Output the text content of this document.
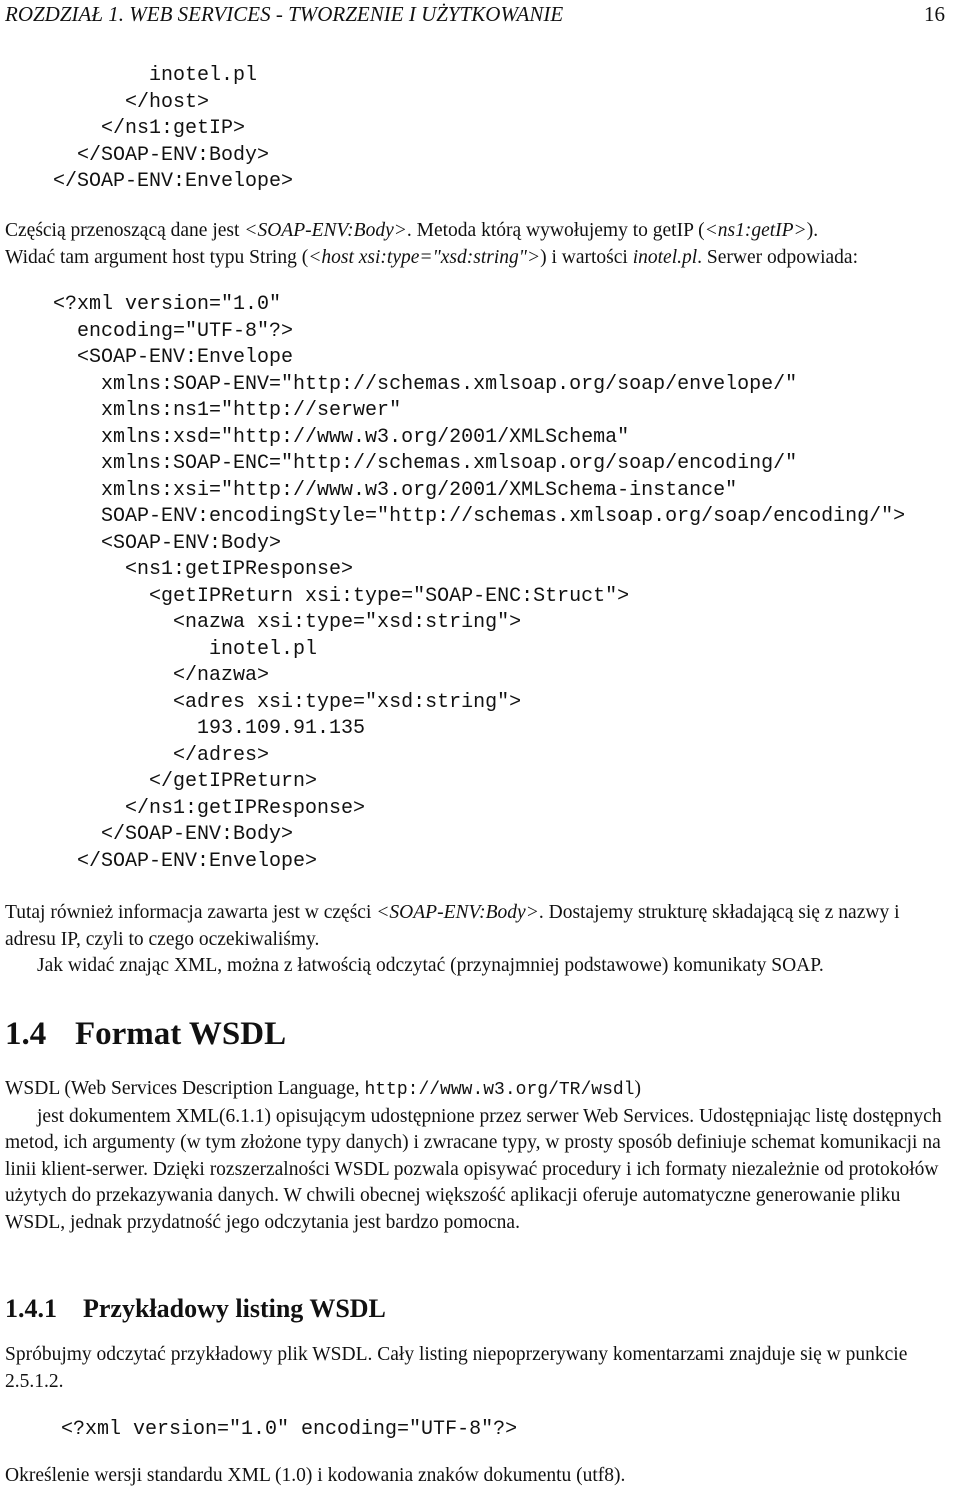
ROZDZIAŁ 1. WEB SERVICES - TWORZENIE I UŻYTKOWANIE	16
inotel.pl
</host>
</ns1:getIP>
</SOAP-ENV:Body>
</SOAP-ENV:Envelope>

Częścią przenoszącą dane jest <SOAP-ENV:Body>. Metoda którą wywołujemy to getIP (<ns1:getIP>).
Widać tam argument host typu String (<host xsi:type="xsd:string">) i wartości inotel.pl. Serwer odpowiada:

<?xml version="1.0"
encoding="UTF-8"?>
<SOAP-ENV:Envelope
xmlns:SOAP-ENV="http://schemas.xmlsoap.org/soap/envelope/"
xmlns:ns1="http://serwer"
xmlns:xsd="http://www.w3.org/2001/XMLSchema"
xmlns:SOAP-ENC="http://schemas.xmlsoap.org/soap/encoding/"
xmlns:xsi="http://www.w3.org/2001/XMLSchema-instance"
SOAP-ENV:encodingStyle="http://schemas.xmlsoap.org/soap/encoding/">
<SOAP-ENV:Body>
<ns1:getIPResponse>
<getIPReturn xsi:type="SOAP-ENC:Struct">
<nazwa xsi:type="xsd:string">
inotel.pl
</nazwa>
<adres xsi:type="xsd:string">
193.109.91.135
</adres>
</getIPReturn>
</ns1:getIPResponse>
</SOAP-ENV:Body>
</SOAP-ENV:Envelope>

Tutaj również informacja zawarta jest w części <SOAP-ENV:Body>. Dostajemy strukturę składającą się z nazwy i adresu IP, czyli to czego oczekiwaliśmy.

Jak widać znając XML, można z łatwością odczytać (przynajmniej podstawowe) komunikaty SOAP.

1.4 Format WSDL

WSDL (Web Services Description Language, http://www.w3.org/TR/wsdl)
jest dokumentem XML(6.1.1) opisującym udostępnione przez serwer Web Services. Udostępniając listę dostępnych metod, ich argumenty (w tym złożone typy danych) i zwracane typy, w prosty sposób definiuje schemat komunikacji na linii klient-serwer. Dzięki rozszerzalności WSDL pozwala opisywać procedury i ich formaty niezależnie od protokołów użytych do przekazywania danych. W chwili obecnej większość aplikacji oferuje automatyczne generowanie pliku WSDL, jednak przydatność jego odczytania jest bardzo pomocna.

1.4.1 Przykładowy listing WSDL

Spróbujmy odczytać przykładowy plik WSDL. Cały listing niepoprzerywany komentarzami znajduje się w punkcie 2.5.1.2.

<?xml version="1.0" encoding="UTF-8"?>

Określenie wersji standardu XML (1.0) i kodowania znaków dokumentu (utf8).
